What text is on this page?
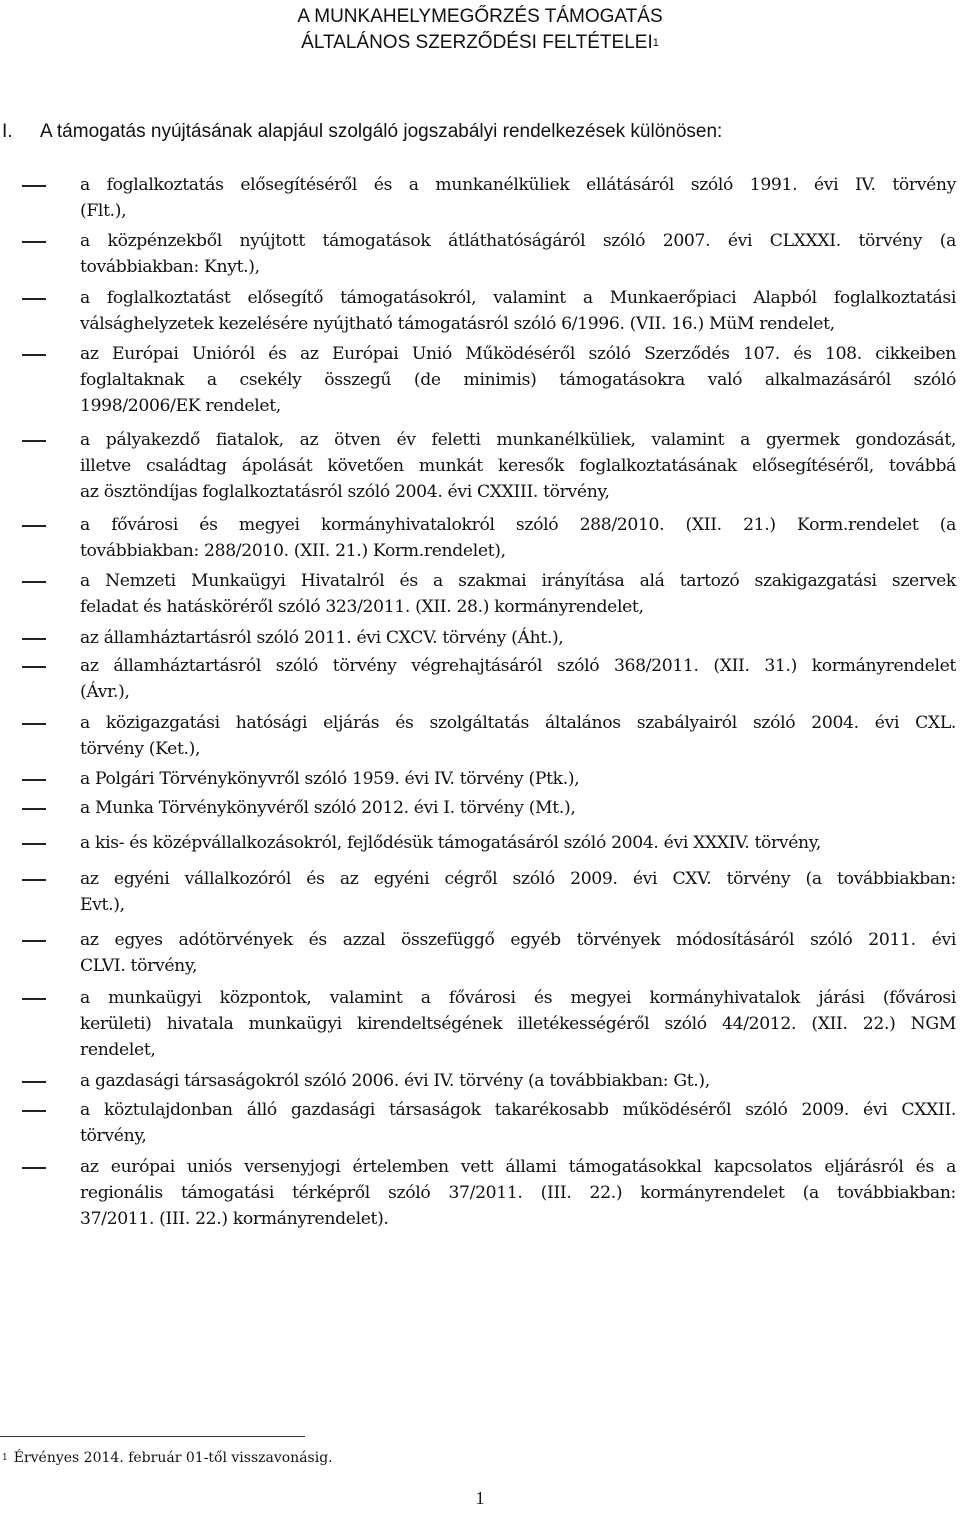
A MUNKAHELYMEGŐRZÉS TÁMOGATÁS
ÁLTALÁNOS SZERZŐDÉSI FELTÉTELEI$^1$
I. A támogatás nyújtásának alapjául szolgáló jogszabályi rendelkezések különösen:
a foglalkoztatás elősegítéséről és a munkanélküliek ellátásáról szóló 1991. évi IV. törvény
(Flt.),
a közpénzekből nyújtott támogatások átláthatóságáról szóló 2007. évi CLXXXI. törvény (a
továbbiakban: Knyt.),
a foglalkoztatást elősegítő támogatásokról, valamint a Munkaerőpiaci Alapból foglalkoztatási
válsághelyzetek kezelésére nyújtható támogatásról szóló 6/1996. (VII. 16.) MüM rendelet,
az Európai Unióról és az Európai Unió Működéséről szóló Szerződés 107. és 108. cikkeiben
foglaltaknak a csekély összegű (de minimis) támogatásokra való alkalmazásáról szóló
1998/2006/EK rendelet,
a pályakezdő fiatalok, az ötven év feletti munkanélküliek, valamint a gyermek gondozását,
illetve családtag ápolását követően munkát keresők foglalkoztatásának elősegítéséről, továbbá
az ösztöndíjas foglalkoztatásról szóló 2004. évi CXXIII. törvény,
a fővárosi és megyei kormányhivatalokról szóló 288/2010. (XII. 21.) Korm.rendelet (a
továbbiakban: 288/2010. (XII. 21.) Korm.rendelet),
a Nemzeti Munkaügyi Hivatalról és a szakmai irányítása alá tartozó szakigazgatási szervek
feladat és hatásköréről szóló 323/2011. (XII. 28.) kormányrendelet,
az államháztartásról szóló 2011. évi CXCV. törvény (Áht.),
az államháztartásról szóló törvény végrehajtásáról szóló 368/2011. (XII. 31.) kormányrendelet
(Ávr.),
a közigazgatási hatósági eljárás és szolgáltatás általános szabályairól szóló 2004. évi CXL.
törvény (Ket.),
a Polgári Törvénykönyvről szóló 1959. évi IV. törvény (Ptk.),
a Munka Törvénykönyvéről szóló 2012. évi I. törvény (Mt.),
a kis- és középvállalkozásokról, fejlődésük támogatásáról szóló 2004. évi XXXIV. törvény,
az egyéni vállalkozóról és az egyéni cégről szóló 2009. évi CXV. törvény (a továbbiakban:
Evt.),
az egyes adótörvények és azzal összefüggő egyéb törvények módosításáról szóló 2011. évi
CLVI. törvény,
a munkaügyi központok, valamint a fővárosi és megyei kormányhivatalok járási (fővárosi
kerületi) hivatala munkaügyi kirendeltségének illetékességéről szóló 44/2012. (XII. 22.) NGM
rendelet,
a gazdasági társaságokról szóló 2006. évi IV. törvény (a továbbiakban: Gt.),
a köztulajdonban álló gazdasági társaságok takarékosabb működéséről szóló 2009. évi CXXII.
törvény,
az európai uniós versenyjogi értelemben vett állami támogatásokkal kapcsolatos eljárásról és a
regionális támogatási térképről szóló 37/2011. (III. 22.) kormányrendelet (a továbbiakban:
37/2011. (III. 22.) kormányrendelet).
$^1$ Érvényes 2014. február 01-től visszavonásig.
1
